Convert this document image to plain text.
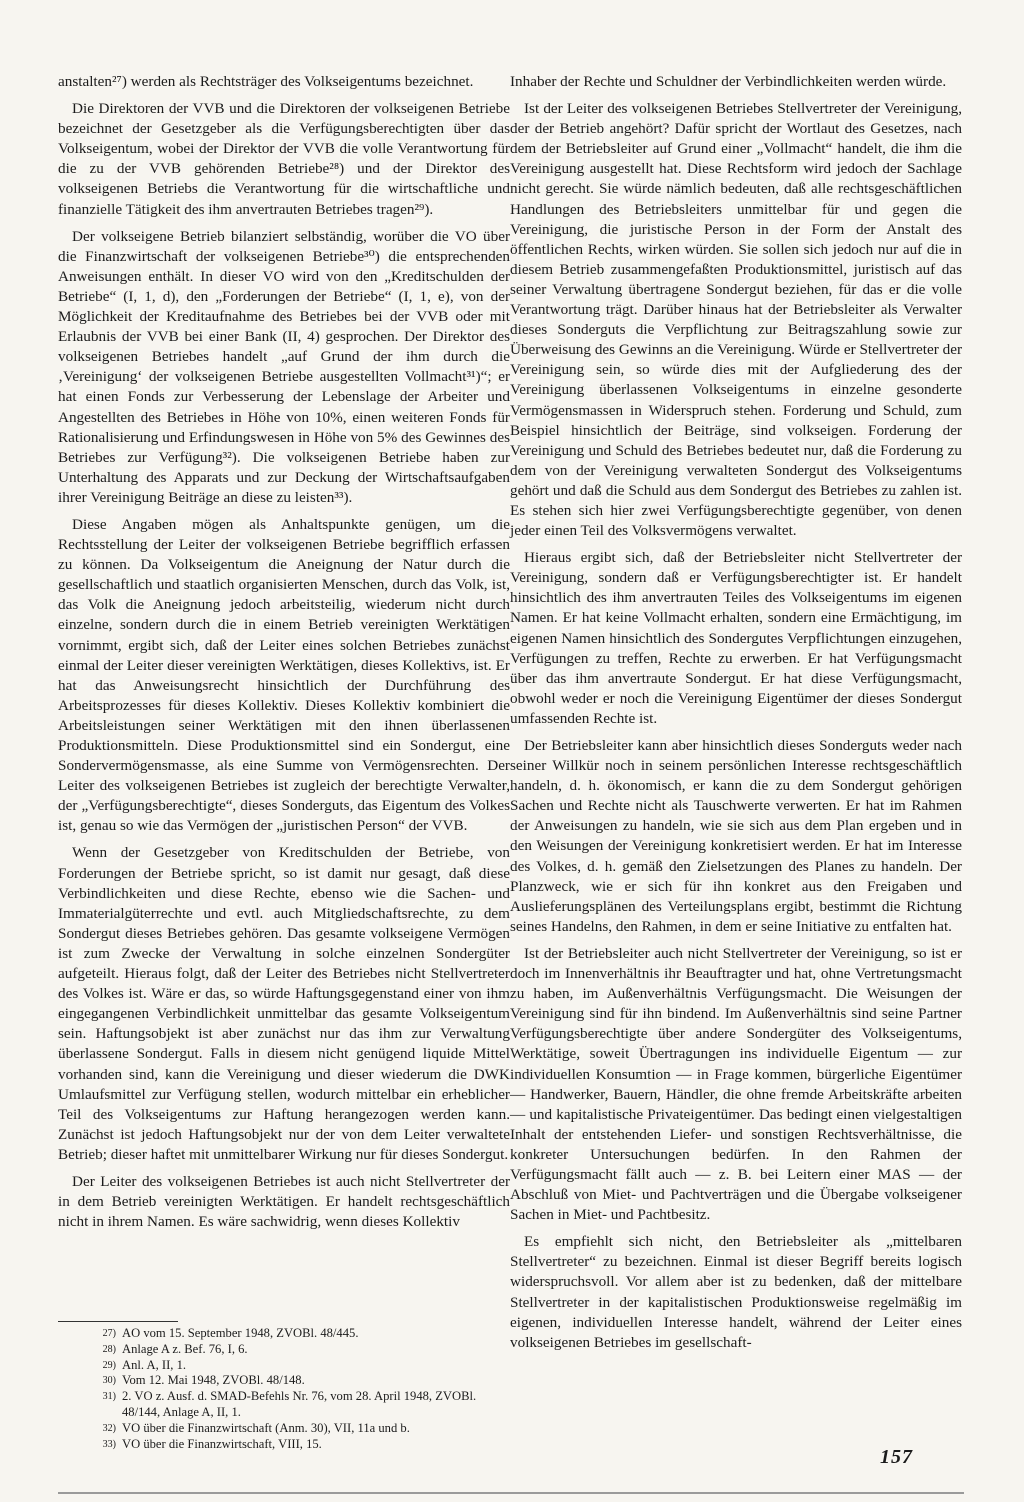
anstalten²⁷) werden als Rechtsträger des Volkseigentums bezeichnet.

Die Direktoren der VVB und die Direktoren der volkseigenen Betriebe bezeichnet der Gesetzgeber als die Verfügungsberechtigten über das Volkseigentum, wobei der Direktor der VVB die volle Verantwortung für die zu der VVB gehörenden Betriebe²⁸) und der Direktor des volkseigenen Betriebs die Verantwortung für die wirtschaftliche und finanzielle Tätigkeit des ihm anvertrauten Betriebes tragen²⁹).

Der volkseigene Betrieb bilanziert selbständig, worüber die VO über die Finanzwirtschaft der volkseigenen Betriebe³⁰) die entsprechenden Anweisungen enthält. In dieser VO wird von den „Kreditschulden der Betriebe“ (I, 1, d), den „Forderungen der Betriebe“ (I, 1, e), von der Möglichkeit der Kreditaufnahme des Betriebes bei der VVB oder mit Erlaubnis der VVB bei einer Bank (II, 4) gesprochen. Der Direktor des volkseigenen Betriebes handelt „auf Grund der ihm durch die ‚Vereinigung‘ der volkseigenen Betriebe ausgestellten Vollmacht³¹)“; er hat einen Fonds zur Verbesserung der Lebenslage der Arbeiter und Angestellten des Betriebes in Höhe von 10%, einen weiteren Fonds für Rationalisierung und Erfindungswesen in Höhe von 5% des Gewinnes des Betriebes zur Verfügung³²). Die volkseigenen Betriebe haben zur Unterhaltung des Apparats und zur Deckung der Wirtschaftsaufgaben ihrer Vereinigung Beiträge an diese zu leisten³³).

Diese Angaben mögen als Anhaltspunkte genügen, um die Rechtsstellung der Leiter der volkseigenen Betriebe begrifflich erfassen zu können. Da Volkseigentum die Aneignung der Natur durch die gesellschaftlich und staatlich organisierten Menschen, durch das Volk, ist, das Volk die Aneignung jedoch arbeitsteilig, wiederum nicht durch einzelne, sondern durch die in einem Betrieb vereinigten Werktätigen vornimmt, ergibt sich, daß der Leiter eines solchen Betriebes zunächst einmal der Leiter dieser vereinigten Werktätigen, dieses Kollektivs, ist. Er hat das Anweisungsrecht hinsichtlich der Durchführung des Arbeitsprozesses für dieses Kollektiv. Dieses Kollektiv kombiniert die Arbeitsleistungen seiner Werktätigen mit den ihnen überlassenen Produktionsmitteln. Diese Produktionsmittel sind ein Sondergut, eine Sondervermögensmasse, als eine Summe von Vermögensrechten. Der Leiter des volkseigenen Betriebes ist zugleich der berechtigte Verwalter, der „Verfügungsberechtigte“, dieses Sonderguts, das Eigentum des Volkes ist, genau so wie das Vermögen der „juristischen Person“ der VVB.

Wenn der Gesetzgeber von Kreditschulden der Betriebe, von Forderungen der Betriebe spricht, so ist damit nur gesagt, daß diese Verbindlichkeiten und diese Rechte, ebenso wie die Sachen- und Immaterialgüterrechte und evtl. auch Mitgliedschaftsrechte, zu dem Sondergut dieses Betriebes gehören. Das gesamte volkseigene Vermögen ist zum Zwecke der Verwaltung in solche einzelnen Sondergüter aufgeteilt. Hieraus folgt, daß der Leiter des Betriebes nicht Stellvertreter des Volkes ist. Wäre er das, so würde Haftungsgegenstand einer von ihm eingegangenen Verbindlichkeit unmittelbar das gesamte Volkseigentum sein. Haftungsobjekt ist aber zunächst nur das ihm zur Verwaltung überlassene Sondergut. Falls in diesem nicht genügend liquide Mittel vorhanden sind, kann die Vereinigung und dieser wiederum die DWK Umlaufsmittel zur Verfügung stellen, wodurch mittelbar ein erheblicher Teil des Volkseigentums zur Haftung herangezogen werden kann. Zunächst ist jedoch Haftungsobjekt nur der von dem Leiter verwaltete Betrieb; dieser haftet mit unmittelbarer Wirkung nur für dieses Sondergut.

Der Leiter des volkseigenen Betriebes ist auch nicht Stellvertreter der in dem Betrieb vereinigten Werktätigen. Er handelt rechtsgeschäftlich nicht in ihrem Namen. Es wäre sachwidrig, wenn dieses Kollektiv

Inhaber der Rechte und Schuldner der Verbindlichkeiten werden würde.

Ist der Leiter des volkseigenen Betriebes Stellvertreter der Vereinigung, der der Betrieb angehört? Dafür spricht der Wortlaut des Gesetzes, nach dem der Betriebsleiter auf Grund einer „Vollmacht“ handelt, die ihm die Vereinigung ausgestellt hat. Diese Rechtsform wird jedoch der Sachlage nicht gerecht. Sie würde nämlich bedeuten, daß alle rechtsgeschäftlichen Handlungen des Betriebsleiters unmittelbar für und gegen die Vereinigung, die juristische Person in der Form der Anstalt des öffentlichen Rechts, wirken würden. Sie sollen sich jedoch nur auf die in diesem Betrieb zusammengefaßten Produktionsmittel, juristisch auf das seiner Verwaltung übertragene Sondergut beziehen, für das er die volle Verantwortung trägt. Darüber hinaus hat der Betriebsleiter als Verwalter dieses Sonderguts die Verpflichtung zur Beitragszahlung sowie zur Überweisung des Gewinns an die Vereinigung. Würde er Stellvertreter der Vereinigung sein, so würde dies mit der Aufgliederung des der Vereinigung überlassenen Volkseigentums in einzelne gesonderte Vermögensmassen in Widerspruch stehen. Forderung und Schuld, zum Beispiel hinsichtlich der Beiträge, sind volkseigen. Forderung der Vereinigung und Schuld des Betriebes bedeutet nur, daß die Forderung zu dem von der Vereinigung verwalteten Sondergut des Volkseigentums gehört und daß die Schuld aus dem Sondergut des Betriebes zu zahlen ist. Es stehen sich hier zwei Verfügungsberechtigte gegenüber, von denen jeder einen Teil des Volksvermögens verwaltet.

Hieraus ergibt sich, daß der Betriebsleiter nicht Stellvertreter der Vereinigung, sondern daß er Verfügungsberechtigter ist. Er handelt hinsichtlich des ihm anvertrauten Teiles des Volkseigentums im eigenen Namen. Er hat keine Vollmacht erhalten, sondern eine Ermächtigung, im eigenen Namen hinsichtlich des Sondergutes Verpflichtungen einzugehen, Verfügungen zu treffen, Rechte zu erwerben. Er hat Verfügungsmacht über das ihm anvertraute Sondergut. Er hat diese Verfügungsmacht, obwohl weder er noch die Vereinigung Eigentümer der dieses Sondergut umfassenden Rechte ist.

Der Betriebsleiter kann aber hinsichtlich dieses Sonderguts weder nach seiner Willkür noch in seinem persönlichen Interesse rechtsgeschäftlich handeln, d. h. ökonomisch, er kann die zu dem Sondergut gehörigen Sachen und Rechte nicht als Tauschwerte verwerten. Er hat im Rahmen der Anweisungen zu handeln, wie sie sich aus dem Plan ergeben und in den Weisungen der Vereinigung konkretisiert werden. Er hat im Interesse des Volkes, d. h. gemäß den Zielsetzungen des Planes zu handeln. Der Planzweck, wie er sich für ihn konkret aus den Freigaben und Auslieferungsplänen des Verteilungsplans ergibt, bestimmt die Richtung seines Handelns, den Rahmen, in dem er seine Initiative zu entfalten hat.

Ist der Betriebsleiter auch nicht Stellvertreter der Vereinigung, so ist er doch im Innenverhältnis ihr Beauftragter und hat, ohne Vertretungsmacht zu haben, im Außenverhältnis Verfügungsmacht. Die Weisungen der Vereinigung sind für ihn bindend. Im Außenverhältnis sind seine Partner Verfügungsberechtigte über andere Sondergüter des Volkseigentums, Werktätige, soweit Übertragungen ins individuelle Eigentum — zur individuellen Konsumtion — in Frage kommen, bürgerliche Eigentümer — Handwerker, Bauern, Händler, die ohne fremde Arbeitskräfte arbeiten — und kapitalistische Privateigentümer. Das bedingt einen vielgestaltigen Inhalt der entstehenden Liefer- und sonstigen Rechtsverhältnisse, die konkreter Untersuchungen bedürfen. In den Rahmen der Verfügungsmacht fällt auch — z. B. bei Leitern einer MAS — der Abschluß von Miet- und Pachtverträgen und die Übergabe volkseigener Sachen in Miet- und Pachtbesitz.

Es empfiehlt sich nicht, den Betriebsleiter als „mittelbaren Stellvertreter“ zu bezeichnen. Einmal ist dieser Begriff bereits logisch widerspruchsvoll. Vor allem aber ist zu bedenken, daß der mittelbare Stellvertreter in der kapitalistischen Produktionsweise regelmäßig im eigenen, individuellen Interesse handelt, während der Leiter eines volkseigenen Betriebes im gesellschaft-

27) AO vom 15. September 1948, ZVOBl. 48/445.
28) Anlage A z. Bef. 76, I, 6.
29) Anl. A, II, 1.
30) Vom 12. Mai 1948, ZVOBl. 48/148.
31) 2. VO z. Ausf. d. SMAD-Befehls Nr. 76, vom 28. April 1948, ZVOBl. 48/144, Anlage A, II, 1.
32) VO über die Finanzwirtschaft (Anm. 30), VII, 11a und b.
33) VO über die Finanzwirtschaft, VIII, 15.
157
